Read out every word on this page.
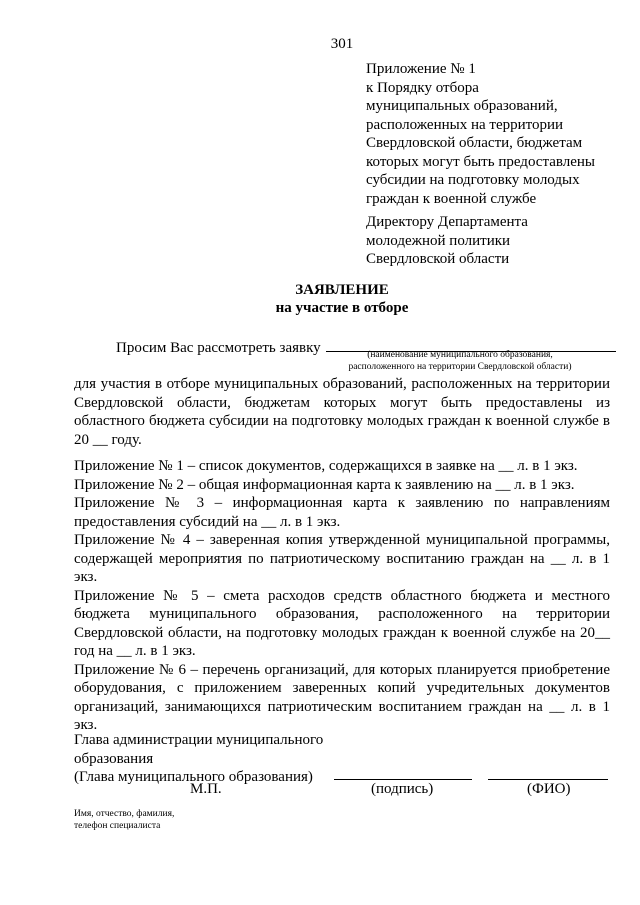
301
Приложение № 1
к Порядку отбора
муниципальных образований,
расположенных на территории
Свердловской области, бюджетам
которых могут быть предоставлены
субсидии на подготовку молодых
граждан к военной службе
Директору Департамента
молодежной политики
Свердловской области
ЗАЯВЛЕНИЕ
на участие в отборе
Просим Вас рассмотреть заявку	(наименование муниципального образования,
расположенного на территории Свердловской области)

для участия в отборе муниципальных образований, расположенных на территории Свердловской области, бюджетам которых могут быть предоставлены из областного бюджета субсидии на подготовку молодых граждан к военной службе в 20 __ году.

Приложение № 1 – список документов, содержащихся в заявке на __ л. в 1 экз.
Приложение № 2 – общая информационная карта к заявлению на __ л. в 1 экз.
Приложение № 3 – информационная карта к заявлению по направлениям предоставления субсидий на __ л. в 1 экз.
Приложение № 4 – заверенная копия утвержденной муниципальной программы, содержащей мероприятия по патриотическому воспитанию граждан на __ л. в 1 экз.
Приложение № 5 – смета расходов средств областного бюджета и местного бюджета муниципального образования, расположенного на территории Свердловской области, на подготовку молодых граждан к военной службе на 20__ год на __ л. в 1 экз.
Приложение № 6 – перечень организаций, для которых планируется приобретение оборудования, с приложением заверенных копий учредительных документов организаций, занимающихся патриотическим воспитанием граждан на __ л. в 1 экз.
Глава администрации муниципального
образования
(Глава муниципального образования)
М.П.	(подпись)	(ФИО)
Имя, отчество, фамилия,
телефон специалиста
